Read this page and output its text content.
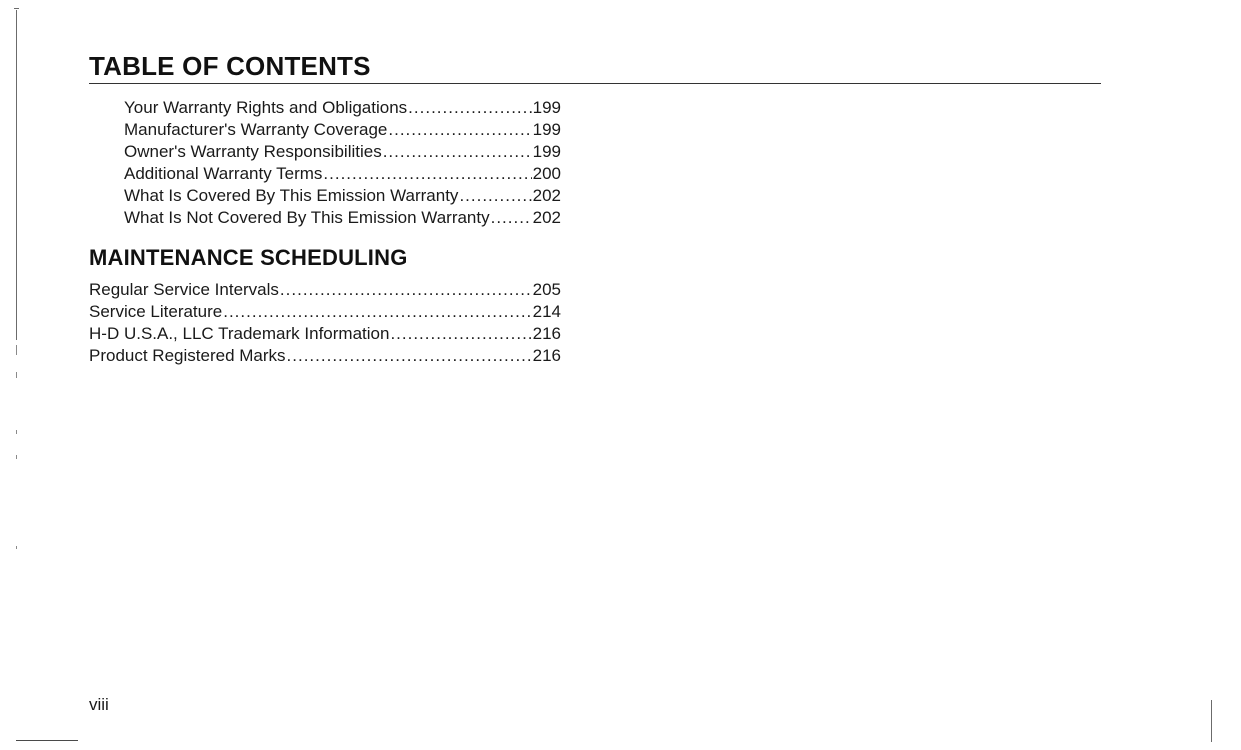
TABLE OF CONTENTS
Your Warranty Rights and Obligations .....	199
Manufacturer's Warranty Coverage .....	199
Owner's Warranty Responsibilities .....	199
Additional Warranty Terms .....	200
What Is Covered By This Emission Warranty .....	202
What Is Not Covered By This Emission Warranty .....	202
MAINTENANCE SCHEDULING
Regular Service Intervals .....	205
Service Literature .....	214
H-D U.S.A., LLC Trademark Information .....	216
Product Registered Marks .....	216
viii
